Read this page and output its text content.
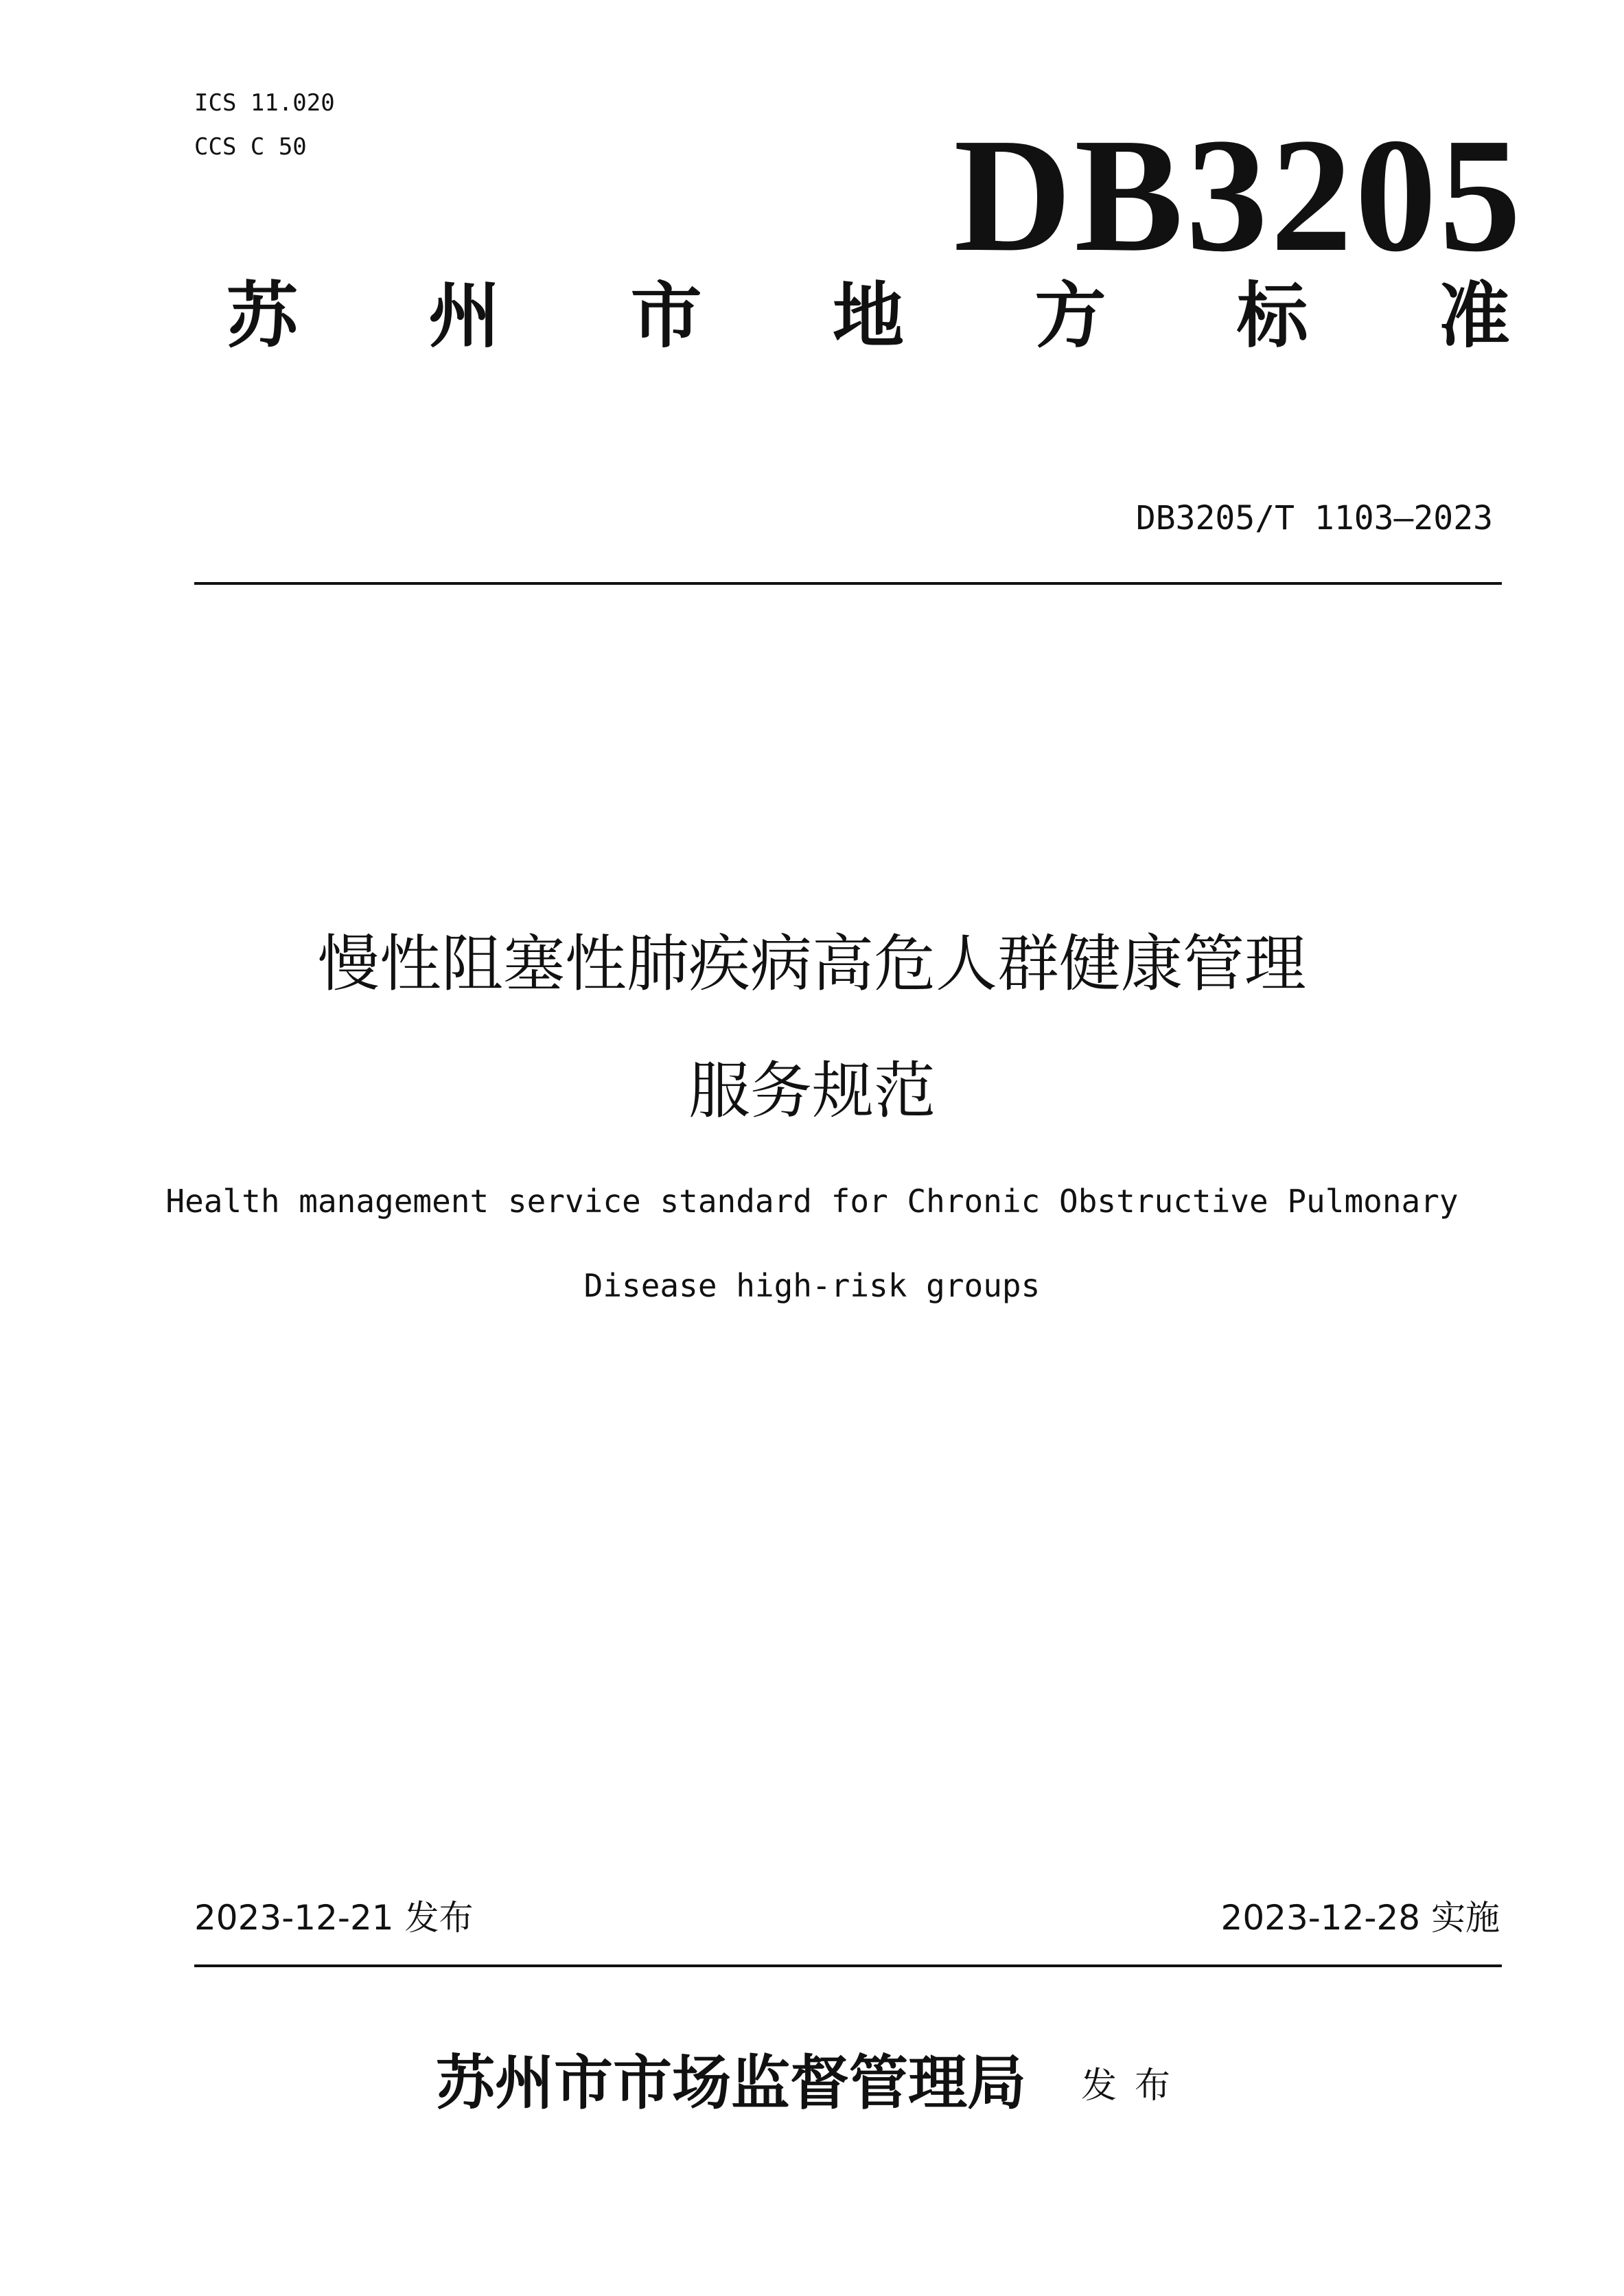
ICS 11.020
CCS C 50	DB3205
苏 州 市 地 方 标 准
DB3205/T 1103—2023
慢性阻塞性肺疾病高危人群健康管理
服务规范
Health management service standard for Chronic Obstructive Pulmonary
Disease high-risk groups
2023-12-21 发布	2023-12-28 实施
苏州市市场监督管理局 发布
